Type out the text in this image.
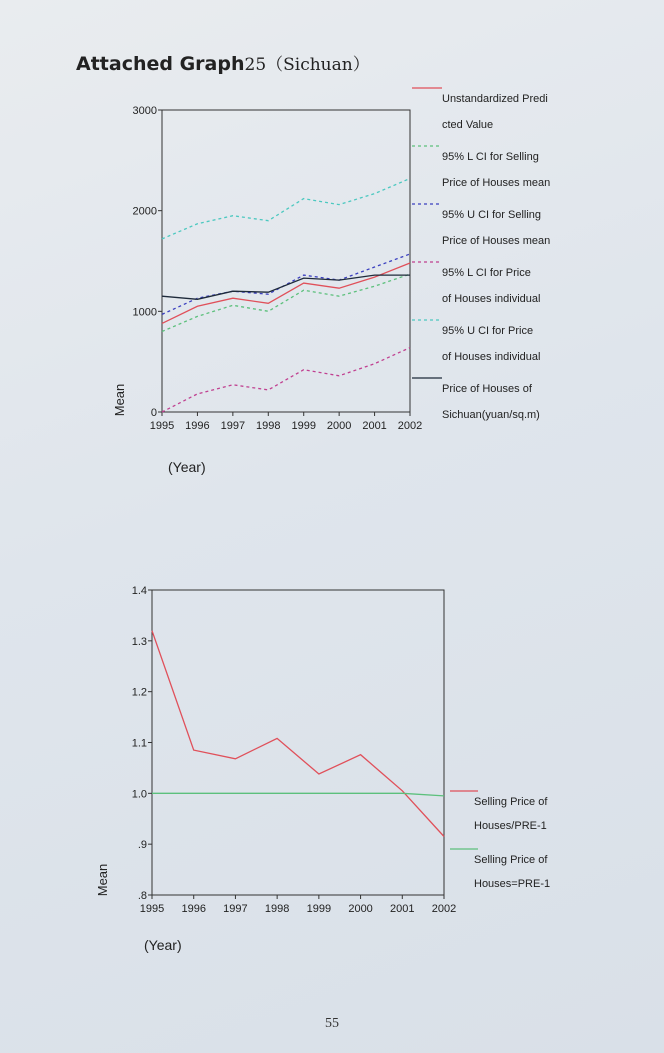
Attached Graph25（Sichuan）
0
1000
2000
3000
1995 1996 1997 1998 1999 2000 2001 2002
Unstandardized Predi
cted Value
95% L CI for Selling
Price of Houses mean
95% U CI for Selling
Price of Houses mean
95% L CI for Price
of Houses individual
95% U CI for Price
of Houses individual
Price of Houses of
Sichuan(yuan/sq.m)
Mean
(Year)
.8
.9
1.0
1.1
1.2
1.3
1.4
1995 1996 1997 1998 1999 2000 2001 2002
Selling Price of
Houses/PRE-1
Selling Price of
Houses=PRE-1
Mean
(Year)
55
